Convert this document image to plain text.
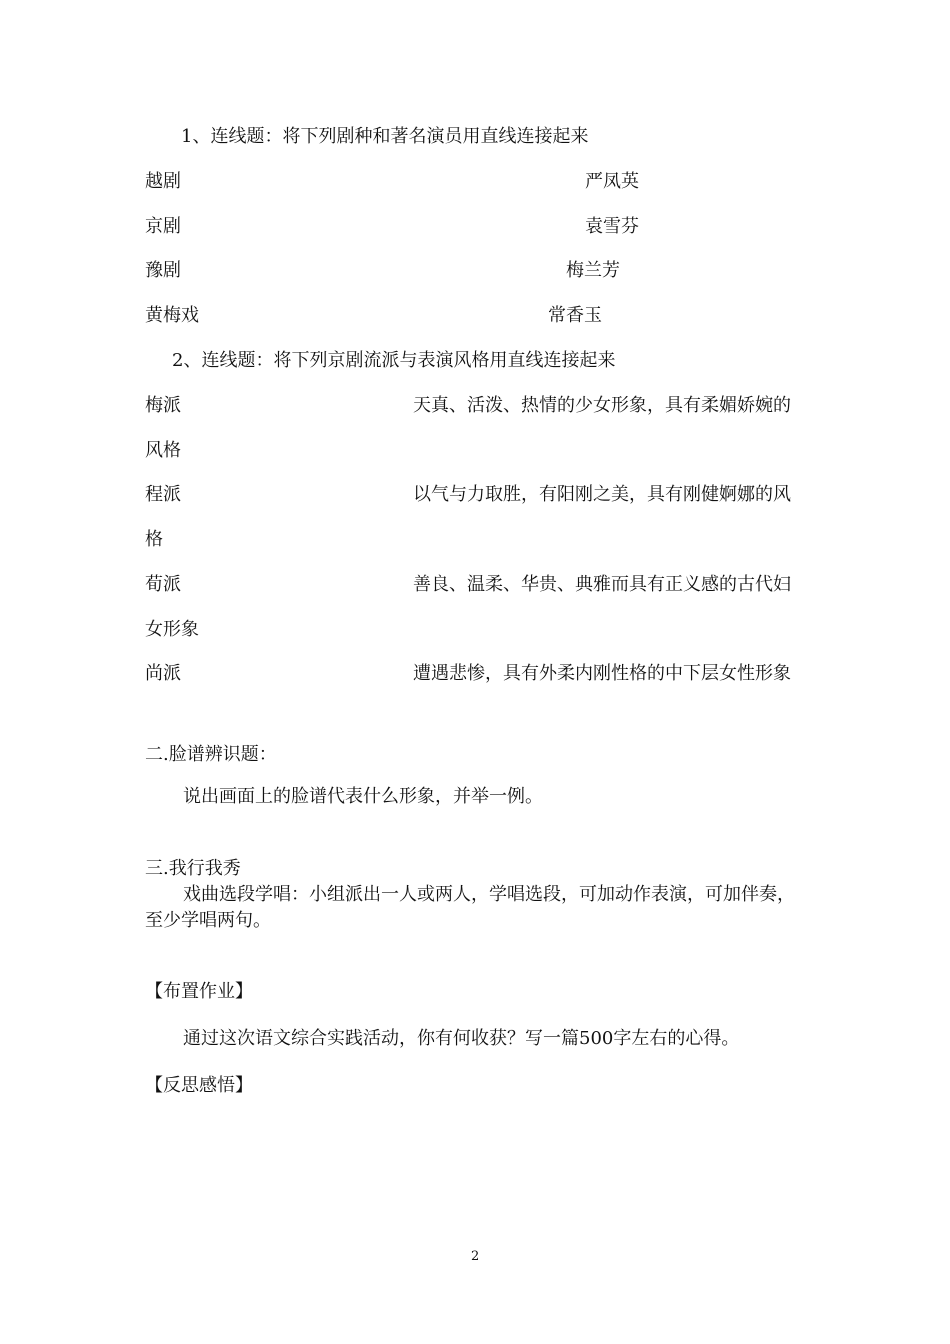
1、连线题：将下列剧种和著名演员用直线连接起来
越剧	严凤英
京剧	袁雪芬
豫剧	梅兰芳
黄梅戏	常香玉
2、连线题：将下列京剧流派与表演风格用直线连接起来
梅派	天真、活泼、热情的少女形象，具有柔媚娇婉的
风格
程派	以气与力取胜，有阳刚之美，具有刚健婀娜的风
格
荀派	善良、温柔、华贵、典雅而具有正义感的古代妇
女形象
尚派	遭遇悲惨，具有外柔内刚性格的中下层女性形象
二.脸谱辨识题：
说出画面上的脸谱代表什么形象，并举一例。
三.我行我秀
戏曲选段学唱：小组派出一人或两人，学唱选段，可加动作表演，可加伴奏，
至少学唱两句。
【布置作业】
通过这次语文综合实践活动，你有何收获？写一篇500字左右的心得。
【反思感悟】
2
